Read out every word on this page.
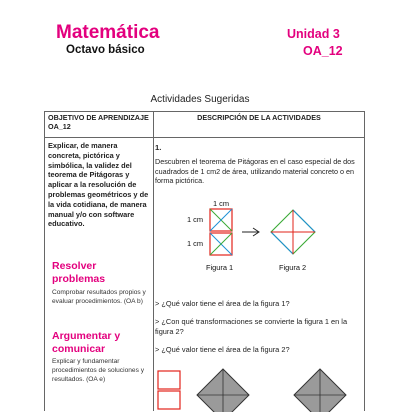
Matemática
Octavo básico
Unidad 3
OA_12
Actividades Sugeridas
OBJETIVO DE APRENDIZAJE OA_12
DESCRIPCIÓN DE LA ACTIVIDADES
Explicar, de manera concreta, pictórica y simbólica, la validez del teorema de Pitágoras y aplicar a la resolución de problemas geométricos y de la vida cotidiana, de manera manual y/o con software educativo.
Resolver problemas
Comprobar resultados propios y evaluar procedimientos. (OA b)
Argumentar y comunicar
Explicar y fundamentar procedimientos de soluciones y resultados. (OA e)
1.
Descubren el teorema de Pitágoras en el caso especial de dos cuadrados de 1 cm2 de área, utilizando material concreto o en forma pictórica.
1 cm
1 cm
1 cm
Figura 1	Figura 2
> ¿Qué valor tiene el área de la figura 1?
> ¿Con qué transformaciones se convierte la figura 1 en la figura 2?
> ¿Qué valor tiene el área de la figura 2?
